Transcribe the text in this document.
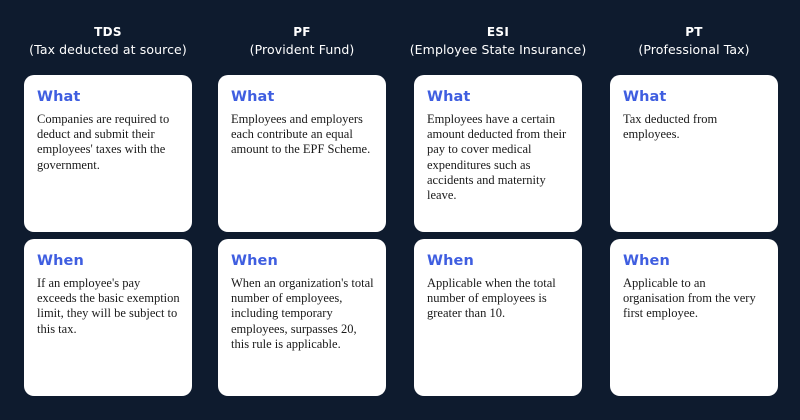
TDS
(Tax deducted at source)
What

Companies are required to deduct and submit their employees' taxes with the government.

When

If an employee's pay exceeds the basic exemption limit, they will be subject to this tax.

PF
(Provident Fund)
What

Employees and employers each contribute an equal amount to the EPF Scheme.

When

When an organization's total number of employees, including temporary employees, surpasses 20, this rule is applicable.

ESI
(Employee State Insurance)
What

Employees have a certain amount deducted from their pay to cover medical expenditures such as accidents and maternity leave.

When

Applicable when the total number of employees is greater than 10.

PT
(Professional Tax)
What

Tax deducted from employees.

When

Applicable to an organisation from the very first employee.
